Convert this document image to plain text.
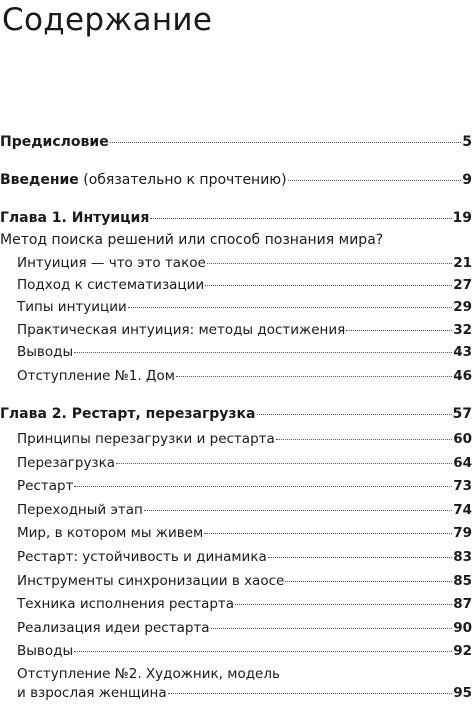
Содержание
Предисловие	5
Введение (обязательно к прочтению)	9
Глава 1. Интуиция	19
Метод поиска решений или способ познания мира?
Интуиция — что это такое	21
Подход к систематизации	27
Типы интуиции	29
Практическая интуиция: методы достижения	32
Выводы	43
Отступление №1. Дом	46
Глава 2. Рестарт, перезагрузка	57
Принципы перезагрузки и рестарта	60
Перезагрузка	64
Рестарт	73
Переходный этап	74
Мир, в котором мы живем	79
Рестарт: устойчивость и динамика	83
Инструменты синхронизации в хаосе	85
Техника исполнения рестарта	87
Реализация идеи рестарта	90
Выводы	92
Отступление №2. Художник, модель
и взрослая женщина	95
